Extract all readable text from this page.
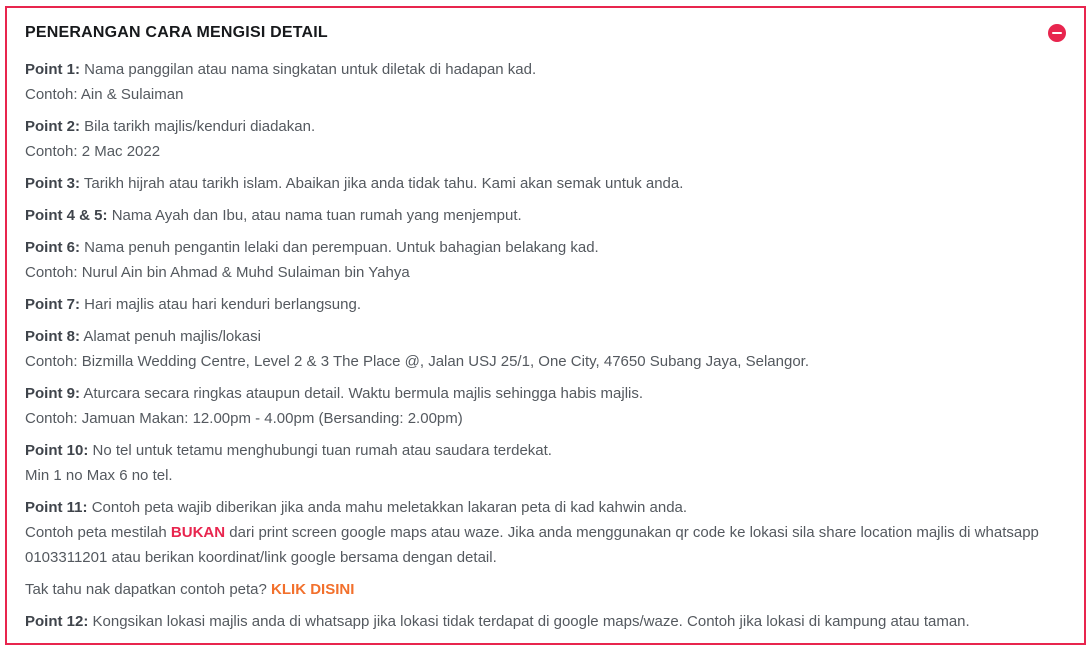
PENERANGAN CARA MENGISI DETAIL

Point 1: Nama panggilan atau nama singkatan untuk diletak di hadapan kad.
Contoh: Ain & Sulaiman

Point 2: Bila tarikh majlis/kenduri diadakan.
Contoh: 2 Mac 2022

Point 3: Tarikh hijrah atau tarikh islam. Abaikan jika anda tidak tahu. Kami akan semak untuk anda.

Point 4 & 5: Nama Ayah dan Ibu, atau nama tuan rumah yang menjemput.

Point 6: Nama penuh pengantin lelaki dan perempuan. Untuk bahagian belakang kad.
Contoh: Nurul Ain bin Ahmad & Muhd Sulaiman bin Yahya

Point 7: Hari majlis atau hari kenduri berlangsung.

Point 8: Alamat penuh majlis/lokasi
Contoh: Bizmilla Wedding Centre, Level 2 & 3 The Place @, Jalan USJ 25/1, One City, 47650 Subang Jaya, Selangor.

Point 9: Aturcara secara ringkas ataupun detail. Waktu bermula majlis sehingga habis majlis.
Contoh: Jamuan Makan: 12.00pm - 4.00pm (Bersanding: 2.00pm)

Point 10: No tel untuk tetamu menghubungi tuan rumah atau saudara terdekat.
Min 1 no Max 6 no tel.

Point 11: Contoh peta wajib diberikan jika anda mahu meletakkan lakaran peta di kad kahwin anda.
Contoh peta mestilah BUKAN dari print screen google maps atau waze. Jika anda menggunakan qr code ke lokasi sila share location majlis di whatsapp 0103311201 atau berikan koordinat/link google bersama dengan detail.

Tak tahu nak dapatkan contoh peta? KLIK DISINI

Point 12: Kongsikan lokasi majlis anda di whatsapp jika lokasi tidak terdapat di google maps/waze. Contoh jika lokasi di kampung atau taman.
